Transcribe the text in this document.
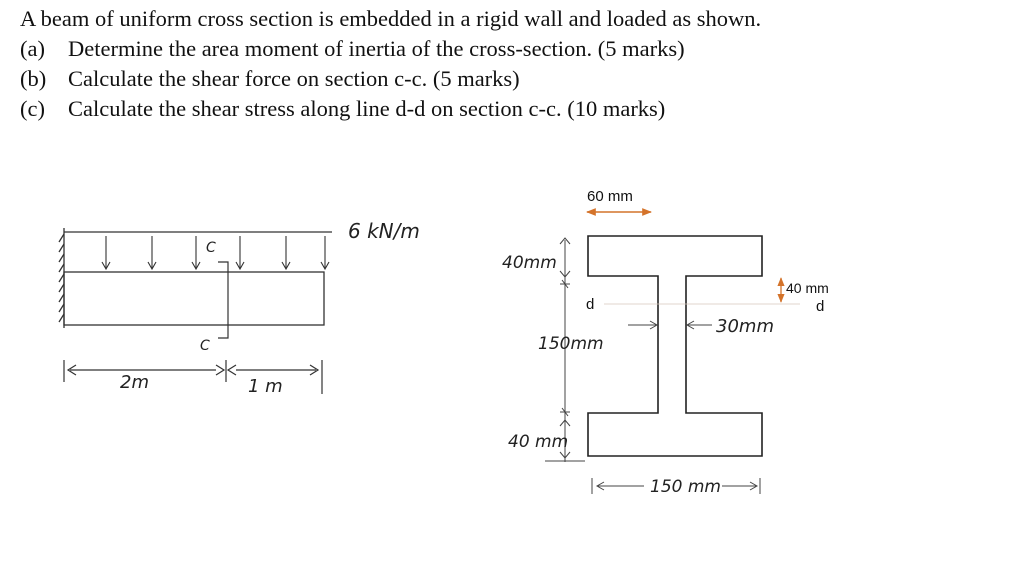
A beam of uniform cross section is embedded in a rigid wall and loaded as shown.
(a)	Determine the area moment of inertia of the cross-section. (5 marks)
(b) Calculate the shear force on section c-c. (5 marks)
(c)	Calculate the shear stress along line d-d on section c-c. (10 marks)
C
C
6 kN/m
2m	1 m
60 mm
40 mm
d
d
40mm
150mm
30mm
40 mm
150 mm
